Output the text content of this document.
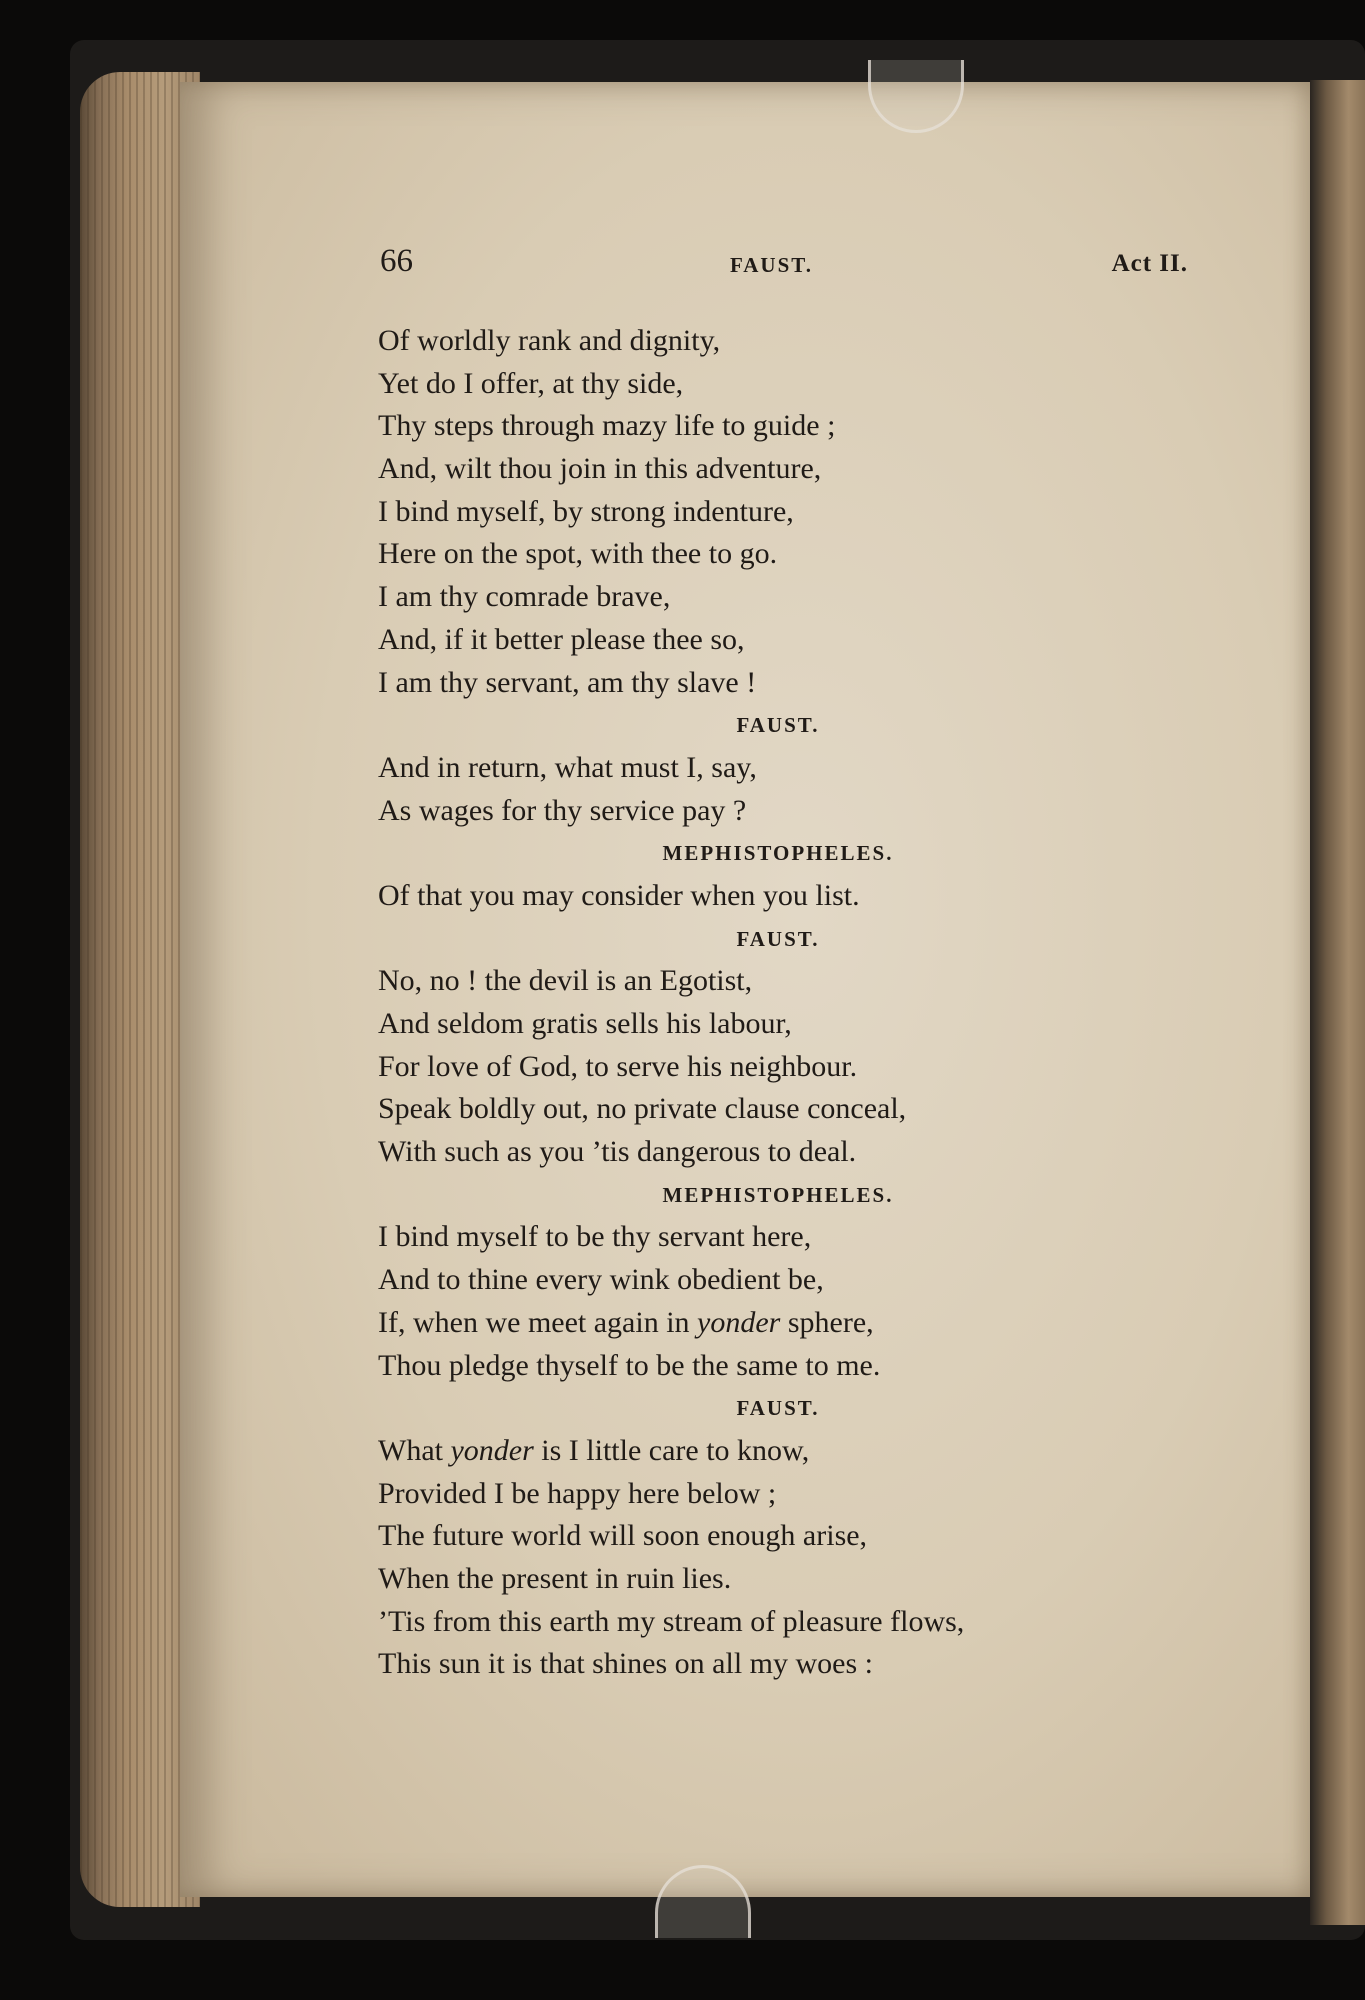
66	FAUST.	Act II.
Of worldly rank and dignity,
Yet do I offer, at thy side,
Thy steps through mazy life to guide ;
And, wilt thou join in this adventure,
I bind myself, by strong indenture,
Here on the spot, with thee to go.
I am thy comrade brave,
And, if it better please thee so,
I am thy servant, am thy slave !
FAUST.
And in return, what must I, say,
As wages for thy service pay ?
MEPHISTOPHELES.
Of that you may consider when you list.
FAUST.
No, no ! the devil is an Egotist,
And seldom gratis sells his labour,
For love of God, to serve his neighbour.
Speak boldly out, no private clause conceal,
With such as you ’tis dangerous to deal.
MEPHISTOPHELES.
I bind myself to be thy servant here,
And to thine every wink obedient be,
If, when we meet again in yonder sphere,
Thou pledge thyself to be the same to me.
FAUST.
What yonder is I little care to know,
Provided I be happy here below ;
The future world will soon enough arise,
When the present in ruin lies.
’Tis from this earth my stream of pleasure flows,
This sun it is that shines on all my woes :
